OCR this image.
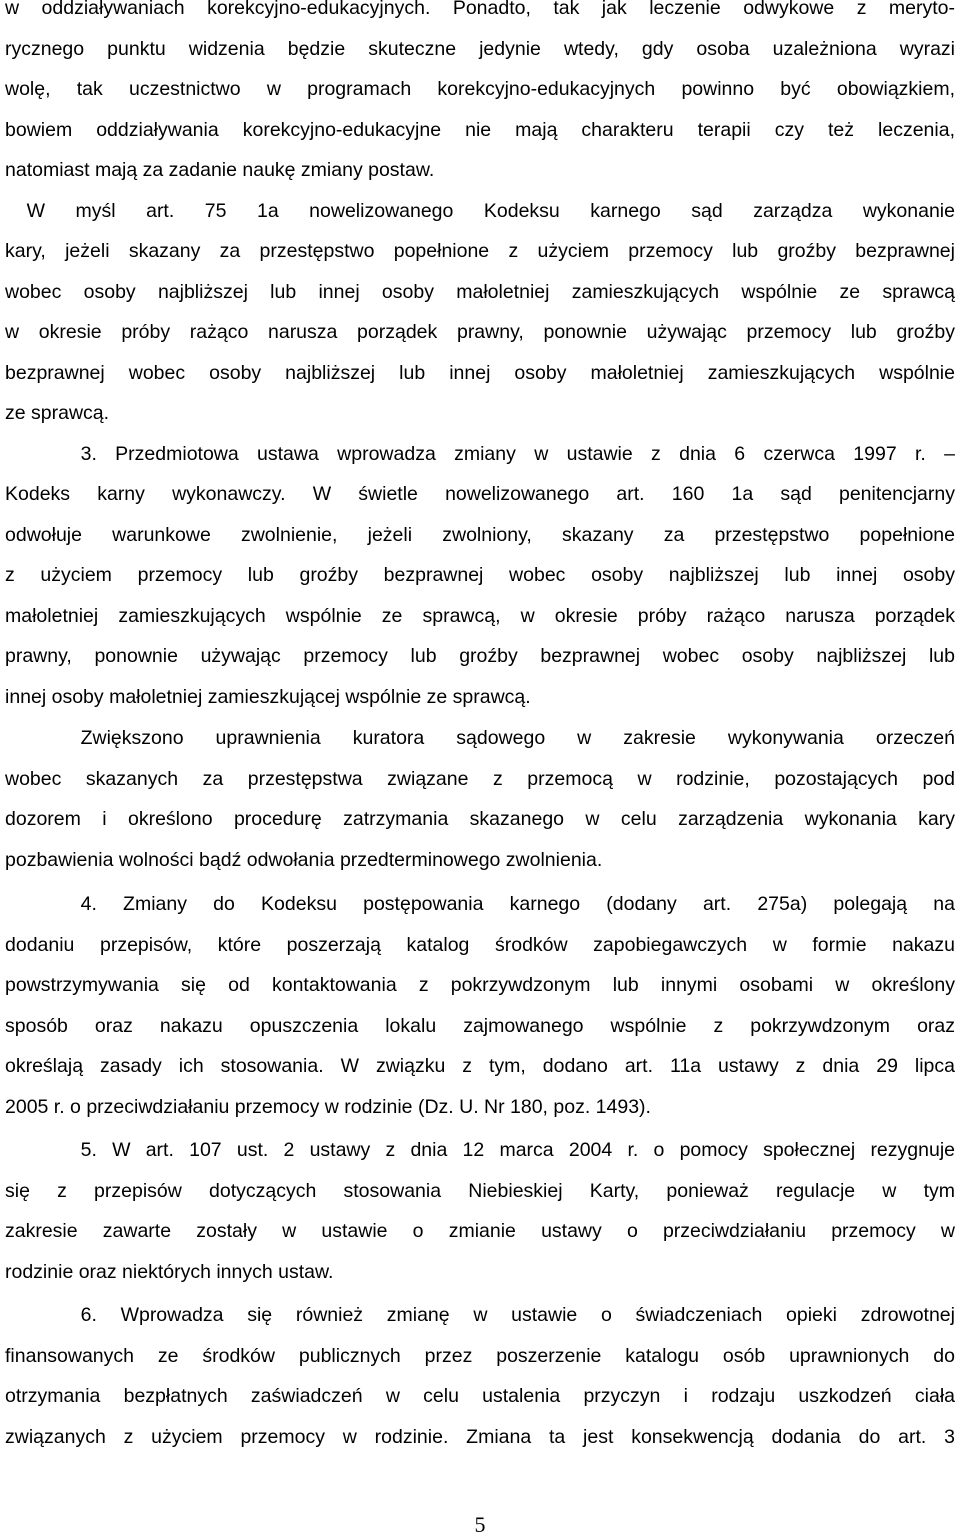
w oddziaływaniach korekcyjno-edukacyjnych. Ponadto, tak jak leczenie odwykowe z meryto-
rycznego punktu widzenia będzie skuteczne jedynie wtedy, gdy osoba uzależniona wyrazi
wolę, tak uczestnictwo w programach korekcyjno-edukacyjnych powinno być obowiązkiem,
bowiem oddziaływania korekcyjno-edukacyjne nie mają charakteru terapii czy też leczenia,
natomiast mają za zadanie naukę zmiany postaw.
W myśl art. 75 1a nowelizowanego Kodeksu karnego sąd zarządza wykonanie
kary, jeżeli skazany za przestępstwo popełnione z użyciem przemocy lub groźby bezprawnej
wobec osoby najbliższej lub innej osoby małoletniej zamieszkujących wspólnie ze sprawcą
w okresie próby rażąco narusza porządek prawny, ponownie używając przemocy lub groźby
bezprawnej wobec osoby najbliższej lub innej osoby małoletniej zamieszkujących wspólnie
ze sprawcą.
3. Przedmiotowa ustawa wprowadza zmiany w ustawie z dnia 6 czerwca 1997 r. –
Kodeks karny wykonawczy. W świetle nowelizowanego art. 160 1a sąd penitencjarny
odwołuje warunkowe zwolnienie, jeżeli zwolniony, skazany za przestępstwo popełnione
z użyciem przemocy lub groźby bezprawnej wobec osoby najbliższej lub innej osoby
małoletniej zamieszkujących wspólnie ze sprawcą, w okresie próby rażąco narusza porządek
prawny, ponownie używając przemocy lub groźby bezprawnej wobec osoby najbliższej lub
innej osoby małoletniej zamieszkującej wspólnie ze sprawcą.
Zwiększono uprawnienia kuratora sądowego w zakresie wykonywania orzeczeń
wobec skazanych za przestępstwa związane z przemocą w rodzinie, pozostających pod
dozorem i określono procedurę zatrzymania skazanego w celu zarządzenia wykonania kary
pozbawienia wolności bądź odwołania przedterminowego zwolnienia.
4. Zmiany do Kodeksu postępowania karnego (dodany art. 275a) polegają na
dodaniu przepisów, które poszerzają katalog środków zapobiegawczych w formie nakazu
powstrzymywania się od kontaktowania z pokrzywdzonym lub innymi osobami w określony
sposób oraz nakazu opuszczenia lokalu zajmowanego wspólnie z pokrzywdzonym oraz
określają zasady ich stosowania. W związku z tym, dodano art. 11a ustawy z dnia 29 lipca
2005 r. o przeciwdziałaniu przemocy w rodzinie (Dz. U. Nr 180, poz. 1493).
5. W art. 107 ust. 2 ustawy z dnia 12 marca 2004 r. o pomocy społecznej rezygnuje
się z przepisów dotyczących stosowania Niebieskiej Karty, ponieważ regulacje w tym
zakresie zawarte zostały w ustawie o zmianie ustawy o przeciwdziałaniu przemocy w
rodzinie oraz niektórych innych ustaw.
6. Wprowadza się również zmianę w ustawie o świadczeniach opieki zdrowotnej
finansowanych ze środków publicznych przez poszerzenie katalogu osób uprawnionych do
otrzymania bezpłatnych zaświadczeń w celu ustalenia przyczyn i rodzaju uszkodzeń ciała
związanych z użyciem przemocy w rodzinie. Zmiana ta jest konsekwencją dodania do art. 3
5
